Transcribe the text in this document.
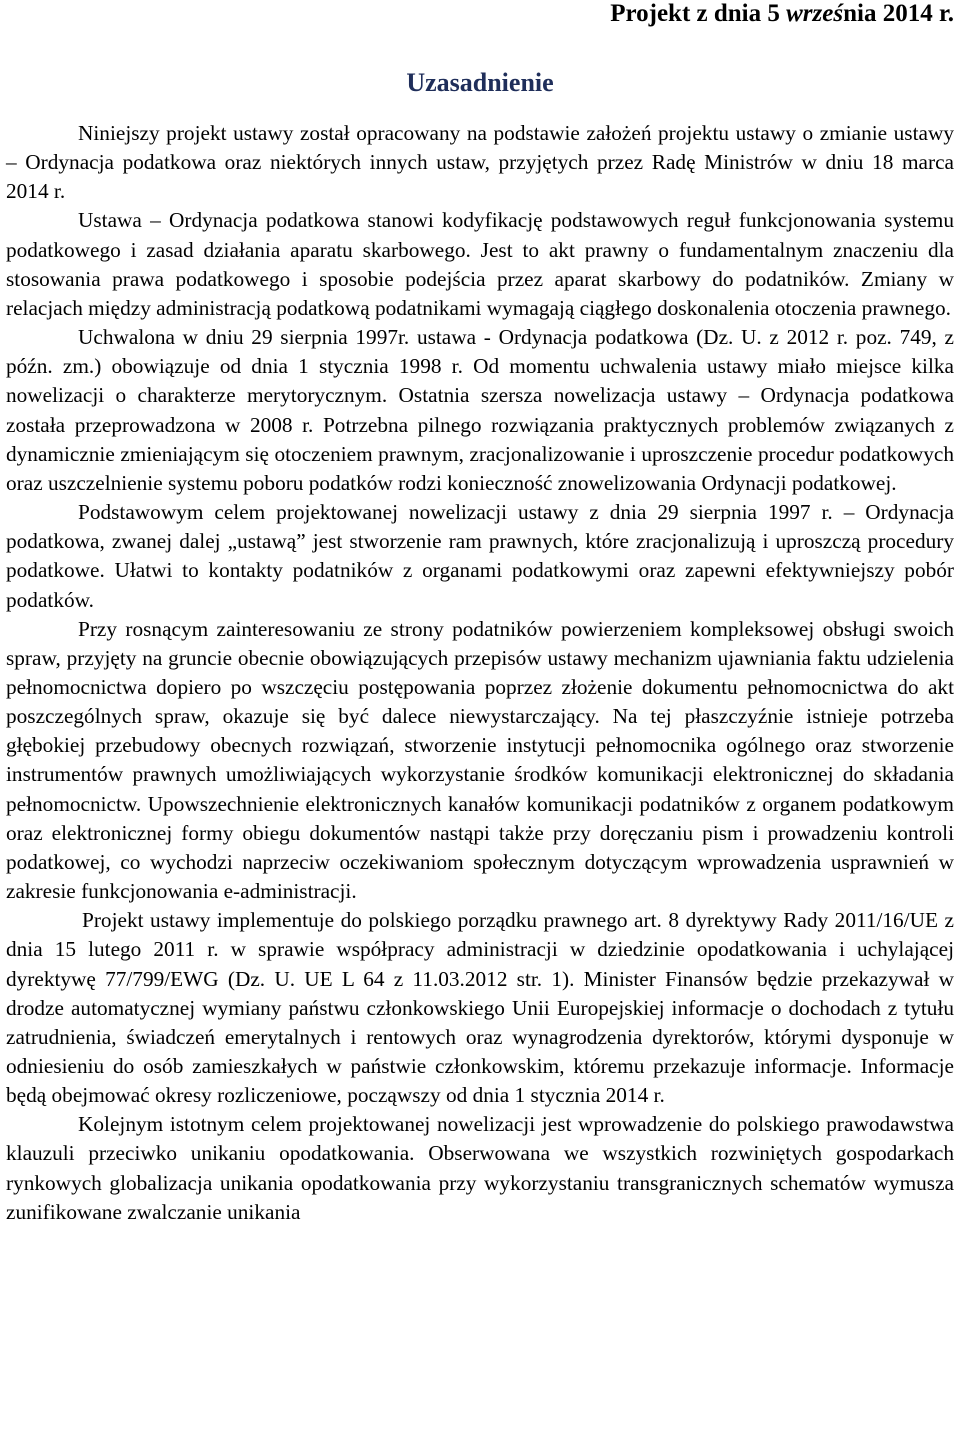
Projekt z dnia 5 września 2014 r.
Uzasadnienie

Niniejszy projekt ustawy został opracowany na podstawie założeń projektu ustawy o zmianie ustawy – Ordynacja podatkowa oraz niektórych innych ustaw, przyjętych przez Radę Ministrów w dniu 18 marca 2014 r.

Ustawa – Ordynacja podatkowa stanowi kodyfikację podstawowych reguł funkcjonowania systemu podatkowego i zasad działania aparatu skarbowego. Jest to akt prawny o fundamentalnym znaczeniu dla stosowania prawa podatkowego i sposobie podejścia przez aparat skarbowy do podatników. Zmiany w relacjach między administracją podatkową podatnikami wymagają ciągłego doskonalenia otoczenia prawnego.

Uchwalona w dniu 29 sierpnia 1997r. ustawa - Ordynacja podatkowa (Dz. U. z 2012 r. poz. 749, z późn. zm.) obowiązuje od dnia 1 stycznia 1998 r. Od momentu uchwalenia ustawy miało miejsce kilka nowelizacji o charakterze merytorycznym. Ostatnia szersza nowelizacja ustawy – Ordynacja podatkowa została przeprowadzona w 2008 r. Potrzebna pilnego rozwiązania praktycznych problemów związanych z dynamicznie zmieniającym się otoczeniem prawnym, zracjonalizowanie i uproszczenie procedur podatkowych oraz uszczelnienie systemu poboru podatków rodzi konieczność znowelizowania Ordynacji podatkowej.

Podstawowym celem projektowanej nowelizacji ustawy z dnia 29 sierpnia 1997 r. – Ordynacja podatkowa, zwanej dalej „ustawą” jest stworzenie ram prawnych, które zracjonalizują i uproszczą procedury podatkowe. Ułatwi to kontakty podatników z organami podatkowymi oraz zapewni efektywniejszy pobór podatków.

Przy rosnącym zainteresowaniu ze strony podatników powierzeniem kompleksowej obsługi swoich spraw, przyjęty na gruncie obecnie obowiązujących przepisów ustawy mechanizm ujawniania faktu udzielenia pełnomocnictwa dopiero po wszczęciu postępowania poprzez złożenie dokumentu pełnomocnictwa do akt poszczególnych spraw, okazuje się być dalece niewystarczający. Na tej płaszczyźnie istnieje potrzeba głębokiej przebudowy obecnych rozwiązań, stworzenie instytucji pełnomocnika ogólnego oraz stworzenie instrumentów prawnych umożliwiających wykorzystanie środków komunikacji elektronicznej do składania pełnomocnictw. Upowszechnienie elektronicznych kanałów komunikacji podatników z organem podatkowym oraz elektronicznej formy obiegu dokumentów nastąpi także przy doręczaniu pism i prowadzeniu kontroli podatkowej, co wychodzi naprzeciw oczekiwaniom społecznym dotyczącym wprowadzenia usprawnień w zakresie funkcjonowania e-administracji.

Projekt ustawy implementuje do polskiego porządku prawnego art. 8 dyrektywy Rady 2011/16/UE z dnia 15 lutego 2011 r. w sprawie współpracy administracji w dziedzinie opodatkowania i uchylającej dyrektywę 77/799/EWG (Dz. U. UE L 64 z 11.03.2012 str. 1). Minister Finansów będzie przekazywał w drodze automatycznej wymiany państwu członkowskiego Unii Europejskiej informacje o dochodach z tytułu zatrudnienia, świadczeń emerytalnych i rentowych oraz wynagrodzenia dyrektorów, którymi dysponuje w odniesieniu do osób zamieszkałych w państwie członkowskim, któremu przekazuje informacje. Informacje będą obejmować okresy rozliczeniowe, począwszy od dnia 1 stycznia 2014 r.

Kolejnym istotnym celem projektowanej nowelizacji jest wprowadzenie do polskiego prawodawstwa klauzuli przeciwko unikaniu opodatkowania. Obserwowana we wszystkich rozwiniętych gospodarkach rynkowych globalizacja unikania opodatkowania przy wykorzystaniu transgranicznych schematów wymusza zunifikowane zwalczanie unikania
